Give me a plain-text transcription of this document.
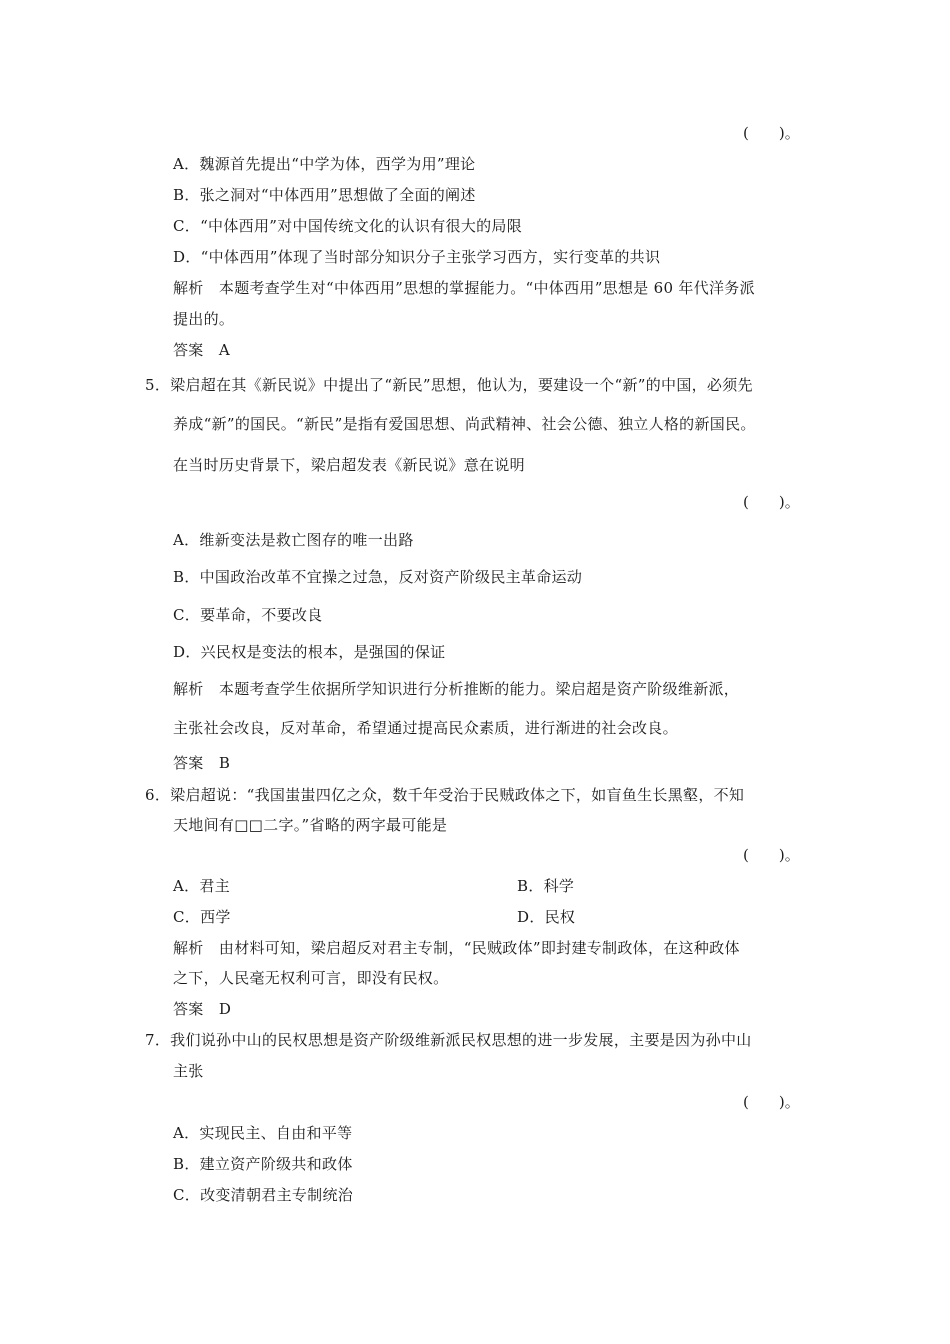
(　　)。
A．魏源首先提出“中学为体，西学为用”理论
B．张之洞对“中体西用”思想做了全面的阐述
C．“中体西用”对中国传统文化的认识有很大的局限
D．“中体西用”体现了当时部分知识分子主张学习西方，实行变革的共识
解析　本题考查学生对“中体西用”思想的掌握能力。“中体西用”思想是 60 年代洋务派
提出的。
答案　A
5．梁启超在其《新民说》中提出了“新民”思想，他认为，要建设一个“新”的中国，必须先
养成“新”的国民。“新民”是指有爱国思想、尚武精神、社会公德、独立人格的新国民。
在当时历史背景下，梁启超发表《新民说》意在说明
(　　)。
A．维新变法是救亡图存的唯一出路
B．中国政治改革不宜操之过急，反对资产阶级民主革命运动
C．要革命，不要改良
D．兴民权是变法的根本，是强国的保证
解析　本题考查学生依据所学知识进行分析推断的能力。梁启超是资产阶级维新派，
主张社会改良，反对革命，希望通过提高民众素质，进行渐进的社会改良。
答案　B
6．梁启超说：“我国蚩蚩四亿之众，数千年受治于民贼政体之下，如盲鱼生长黑壑，不知
天地间有□□二字。”省略的两字最可能是
(　　)。
A．君主	B．科学
C．西学	D．民权
解析　由材料可知，梁启超反对君主专制，“民贼政体”即封建专制政体，在这种政体
之下，人民毫无权利可言，即没有民权。
答案　D
7．我们说孙中山的民权思想是资产阶级维新派民权思想的进一步发展，主要是因为孙中山
主张
(　　)。
A．实现民主、自由和平等
B．建立资产阶级共和政体
C．改变清朝君主专制统治
